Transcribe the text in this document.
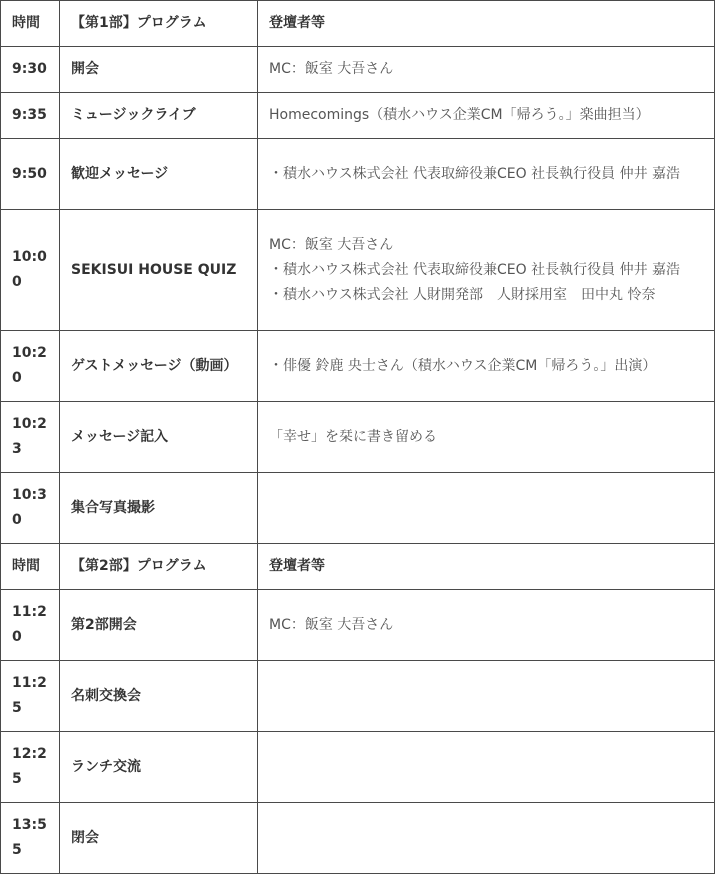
時間	【第1部】プログラム	登壇者等
9:30	開会	MC：飯室 大吾さん

9:35	ミュージックライブ	Homecomings（積水ハウス企業CM「帰ろう。」楽曲担当）

9:50	歓迎メッセージ	・積水ハウス株式会社 代表取締役兼CEO 社長執行役員 仲井 嘉浩

10:00	SEKISUI HOUSE QUIZ	MC：飯室 大吾さん
・積水ハウス株式会社 代表取締役兼CEO 社長執行役員 仲井 嘉浩
・積水ハウス株式会社 人財開発部　人財採用室　田中丸 怜奈

10:20	ゲストメッセージ（動画）	・俳優 鈴鹿 央士さん（積水ハウス企業CM「帰ろう。」出演）

10:23	メッセージ記入	「幸せ」を栞に書き留める

10:30	集合写真撮影	
時間	【第2部】プログラム	登壇者等
11:20	第2部開会	MC：飯室 大吾さん

11:25	名刺交換会	
12:25	ランチ交流	
13:55	閉会	
